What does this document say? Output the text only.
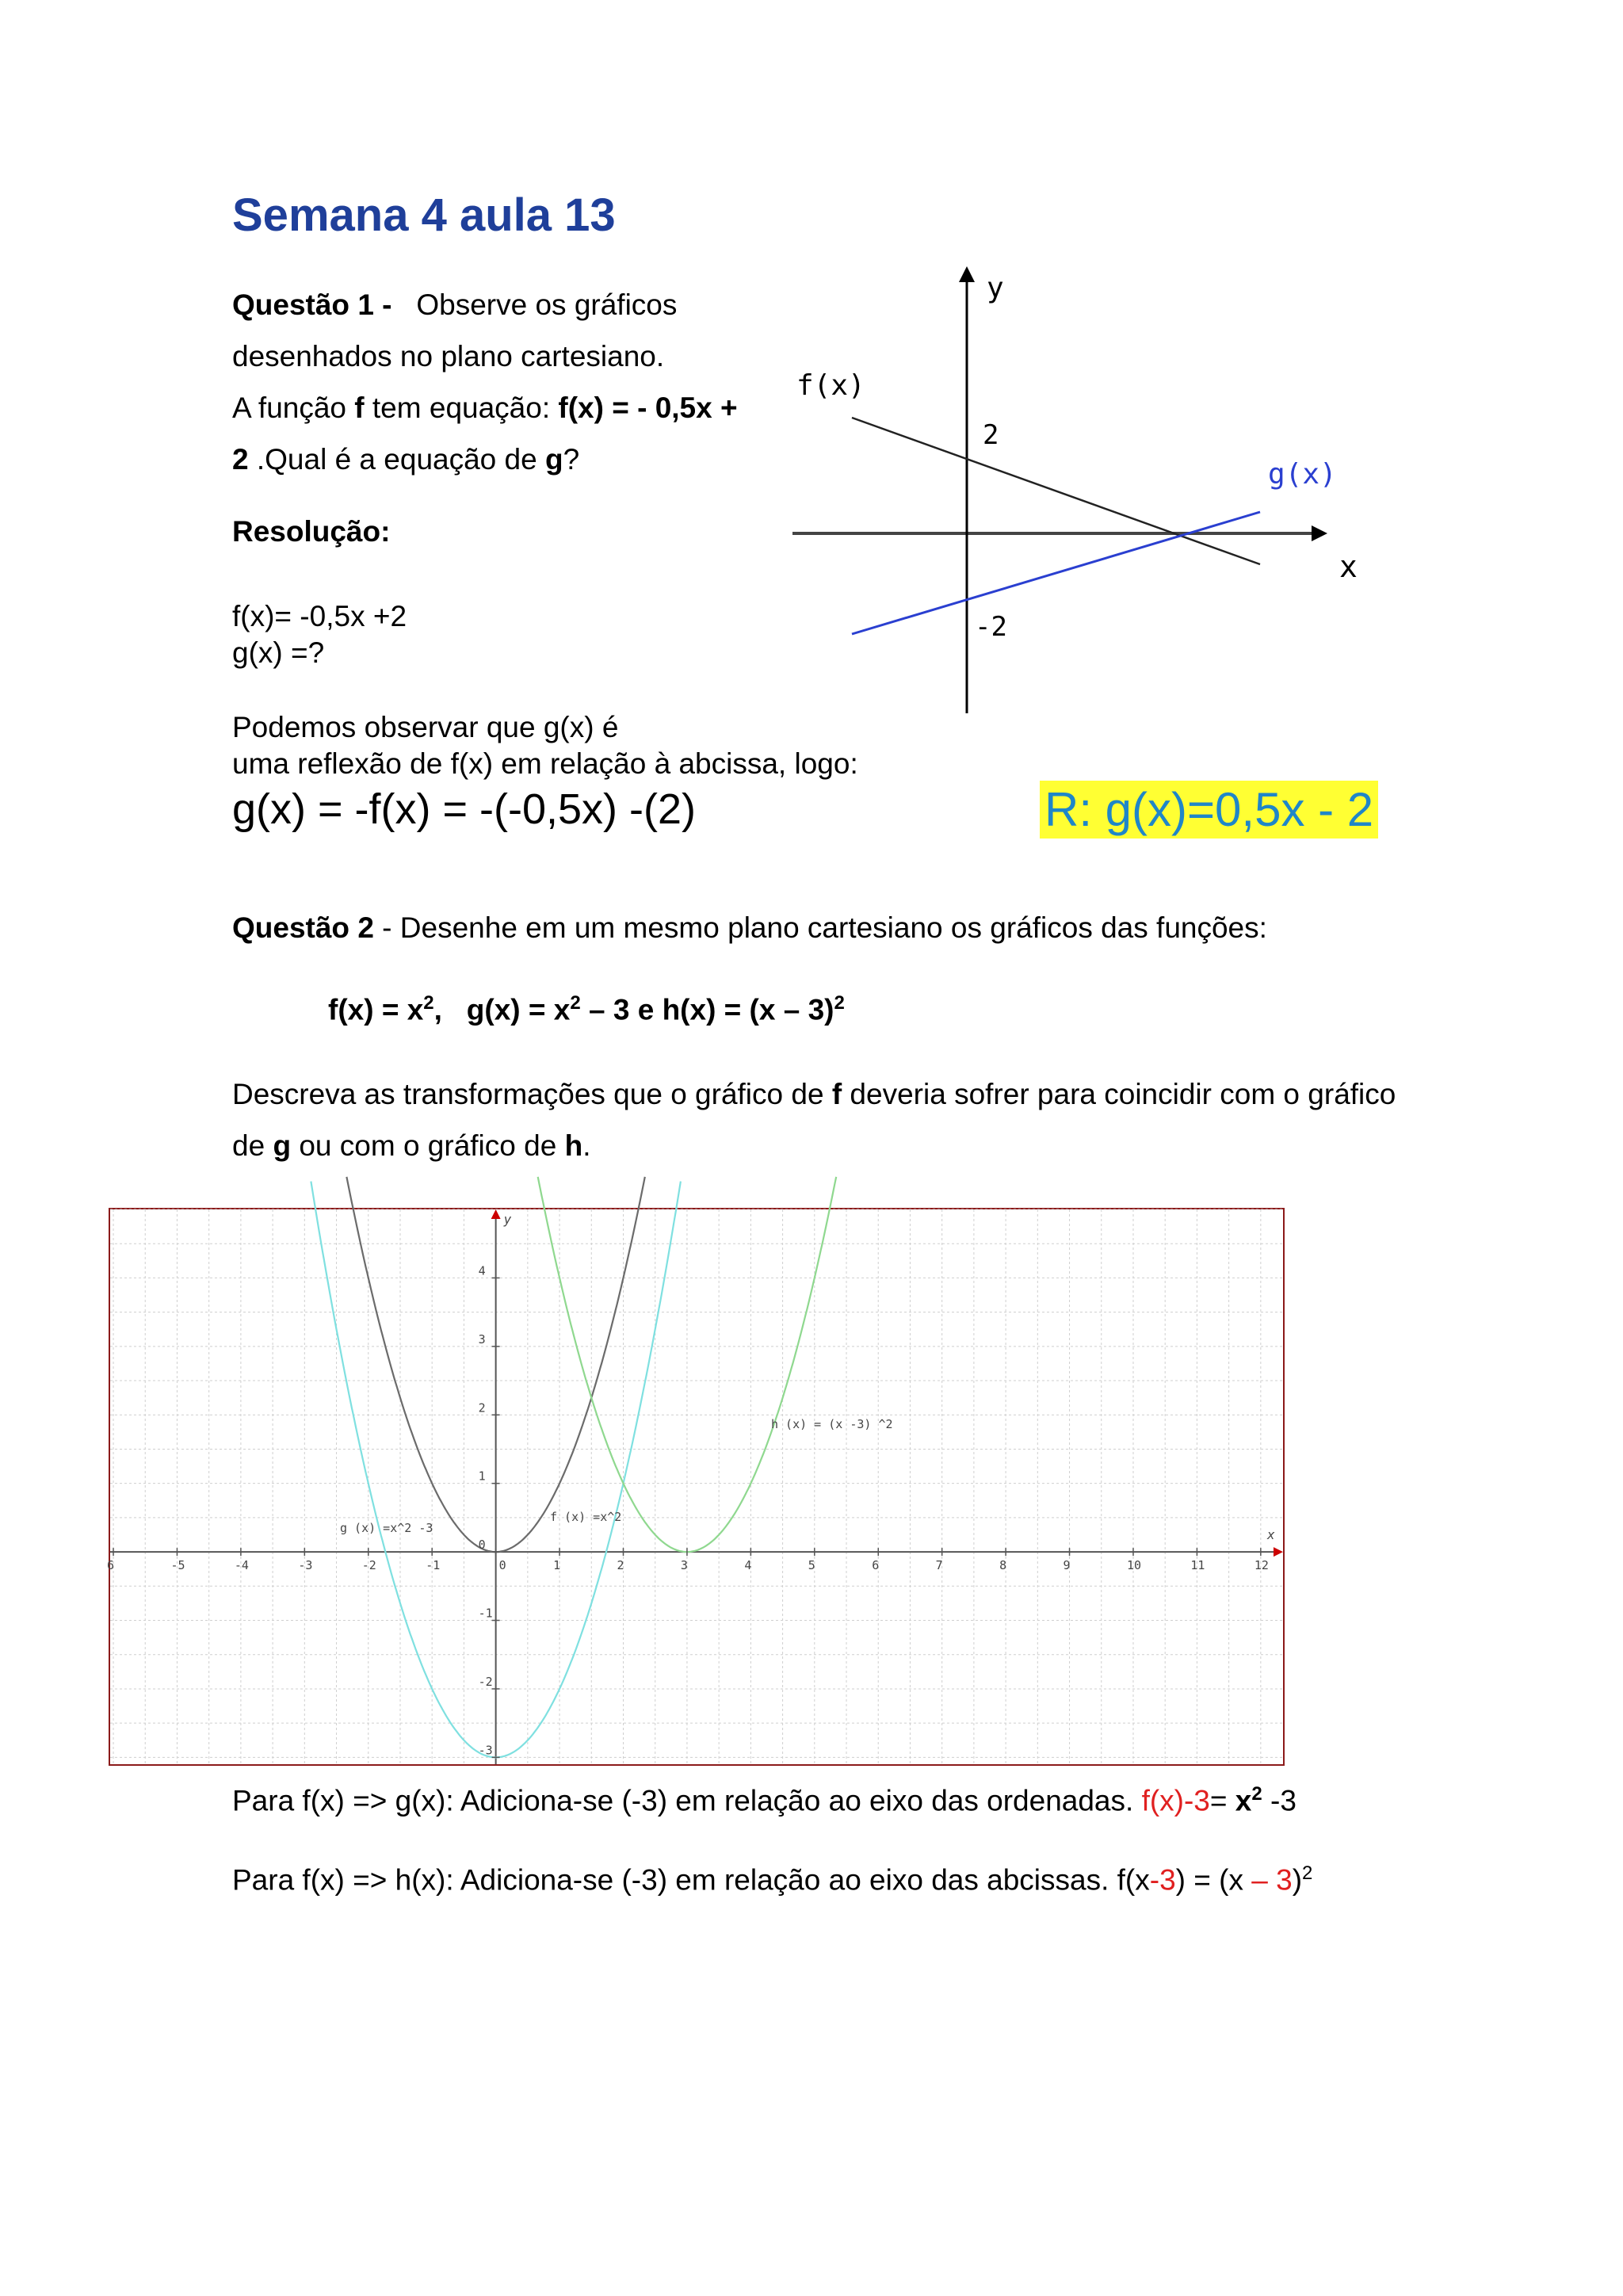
Semana 4 aula 13
Questão 1 - Observe os gráficos desenhados no plano cartesiano.
A função f tem equação: f(x) = - 0,5x + 2 .Qual é a equação de g?
Resolução:
f(x)= -0,5x +2
g(x) =?
Podemos observar que g(x) é
uma reflexão de f(x) em relação à abcissa, logo:
g(x) = -f(x) = -(-0,5x) -(2)	R: g(x)=0,5x - 2
y
x
f(x)
g(x)
2
-2
Questão 2 - Desenhe em um mesmo plano cartesiano os gráficos das funções:
$f(x) = x^2$, $g(x) = x^2 - 3$ e h(x) = (x – 3)$^2$
Descreva as transformações que o gráfico de f deveria sofrer para coincidir com o gráfico de g ou com o gráfico de h.
y
x
6	-5	-4	-3	-2	-1	0	1	2	3	4	5	6	7	8	9	10	11	12
4
3
2
1
0
-1
-2
-3
f (x) =x^2
g (x) =x^2 -3
h (x) = (x -3) ^2
Para f(x) => g(x): Adiciona-se (-3) em relação ao eixo das ordenadas. $f(x)-3= x^2$ -3
Para f(x) => h(x): Adiciona-se (-3) em relação ao eixo das abcissas. f(x-3) = (x – 3)$^2$
